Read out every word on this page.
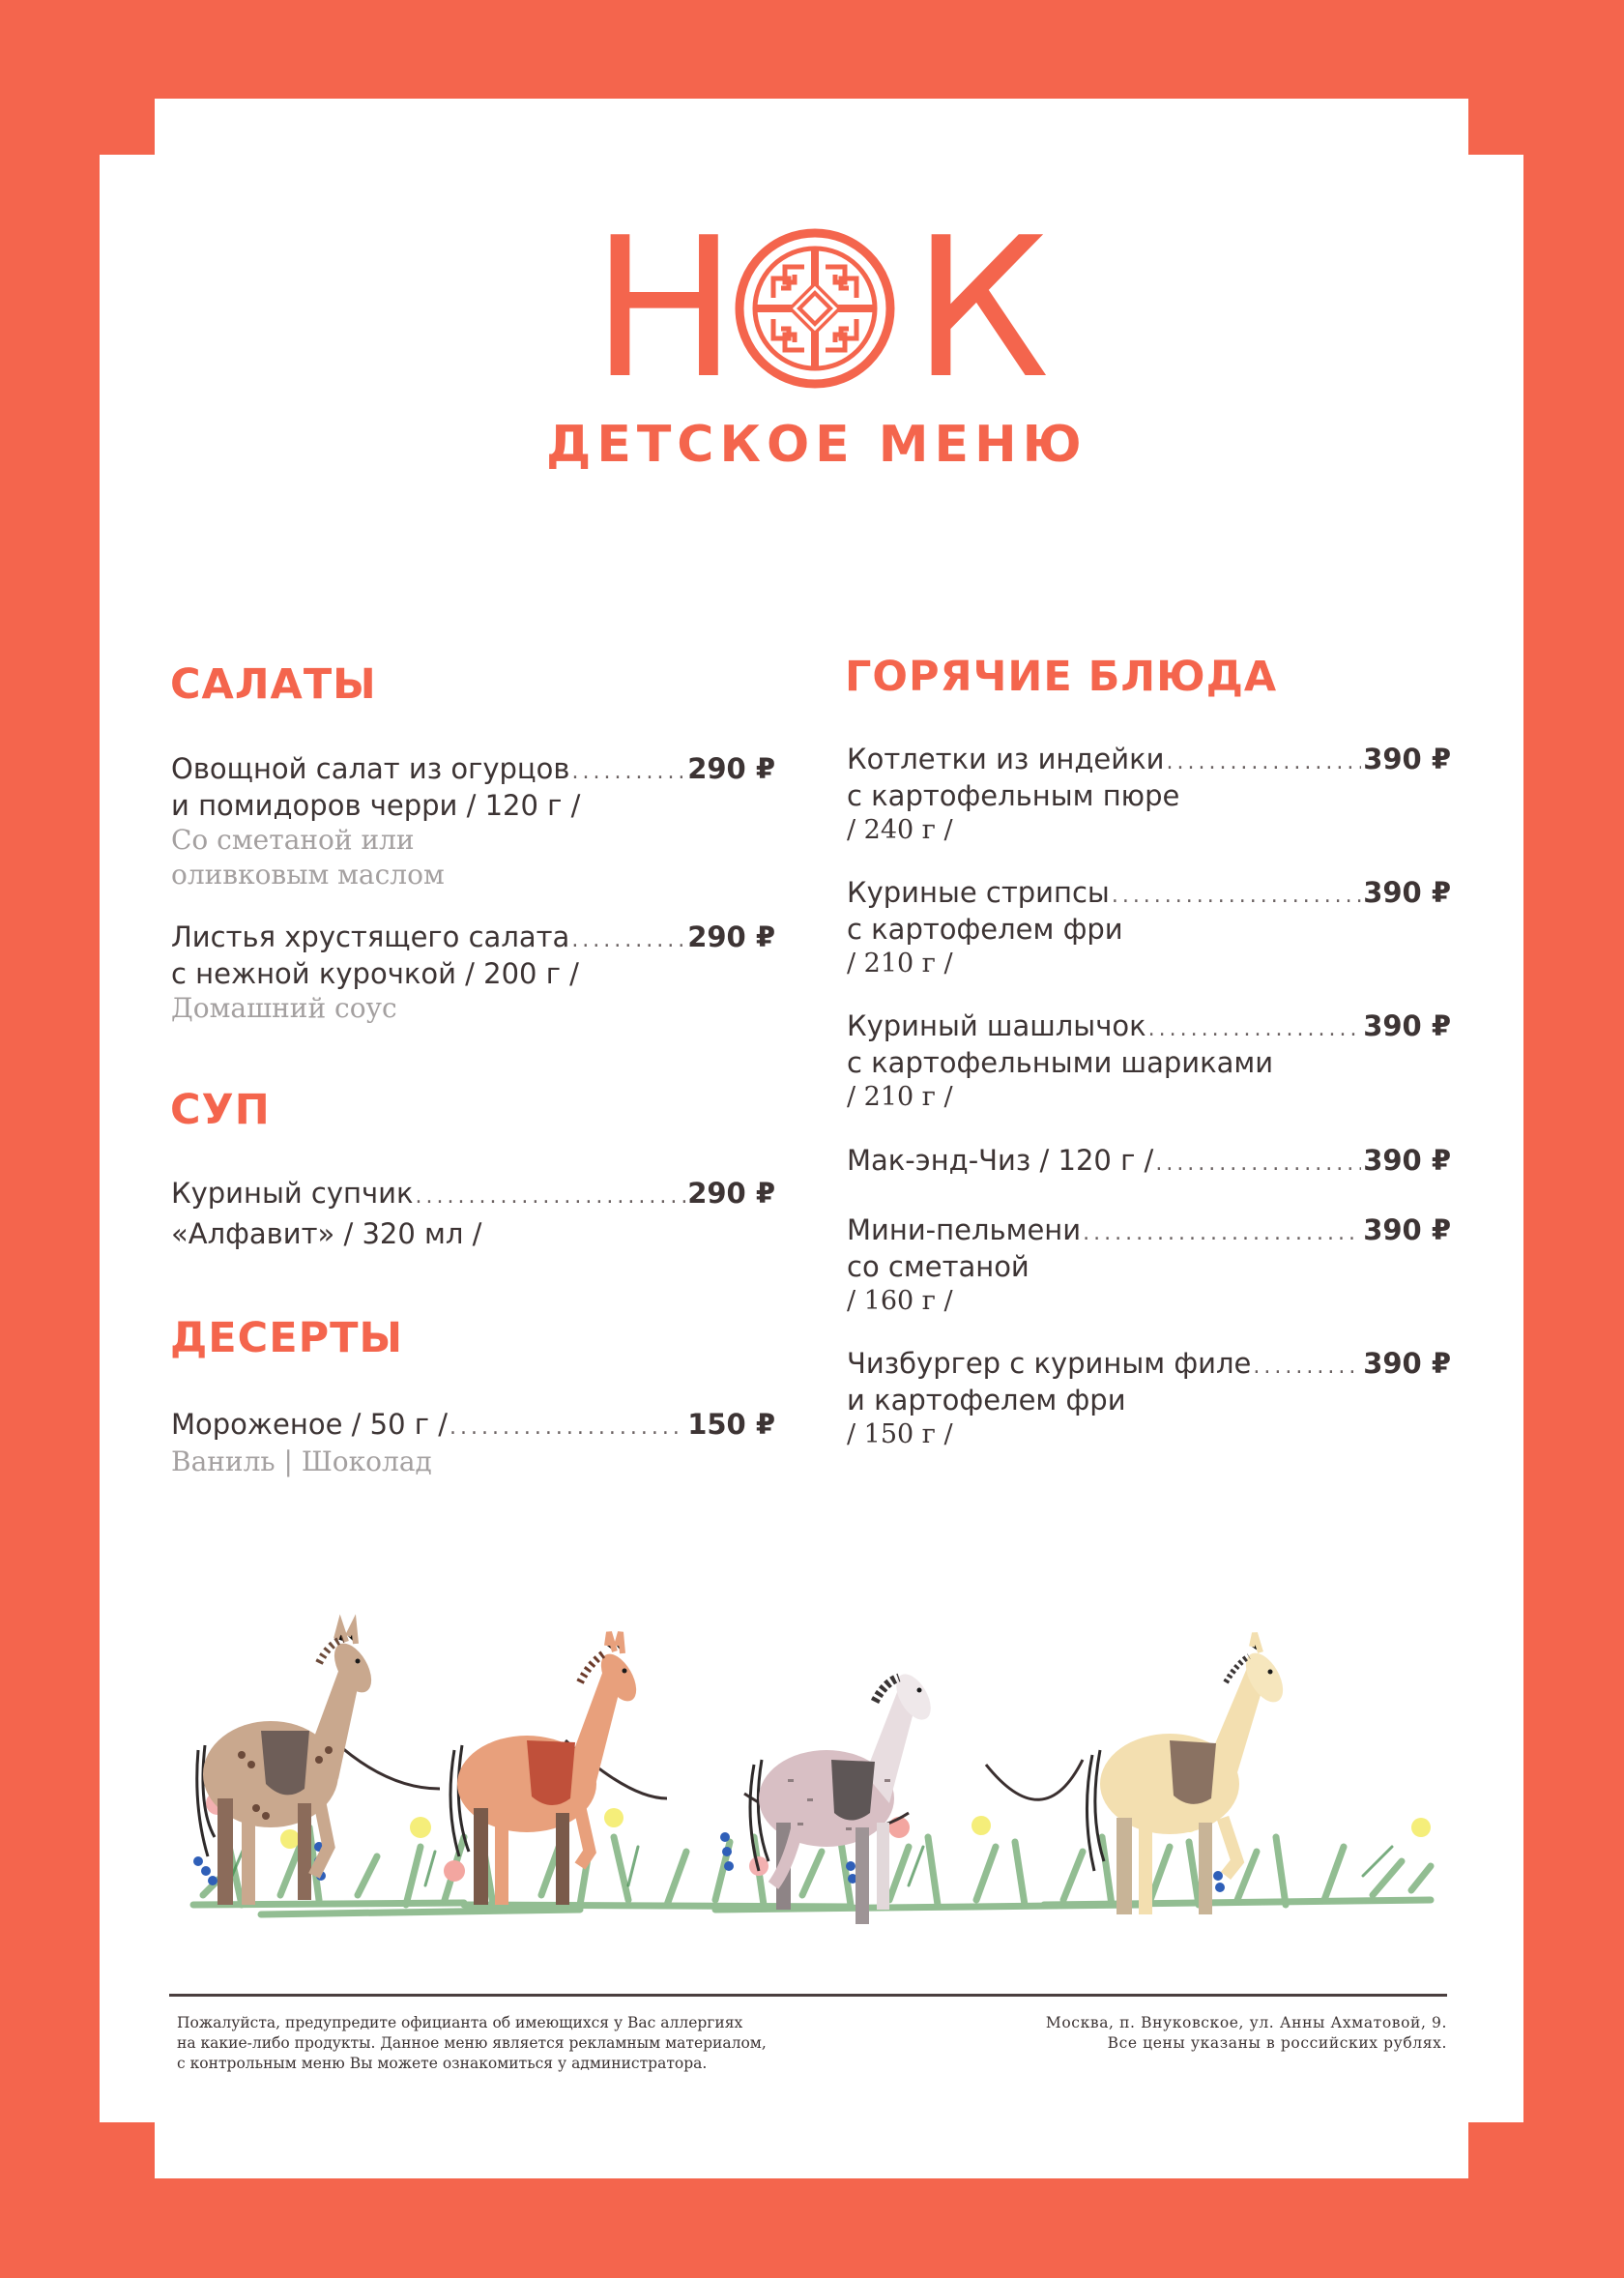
Н К
ДЕТСКОЕ МЕНЮ
САЛАТЫ
Овощной салат из огурцов .....	290 ₽
и помидоров черри / 120 г /
Со сметаной или
оливковым маслом
Листья хрустящего салата .....	290 ₽
с нежной курочкой / 200 г /
Домашний соус
СУП
Куриный супчик .....	290 ₽
«Алфавит» / 320 мл /
ДЕСЕРТЫ
Мороженое / 50 г / .....	150 ₽
Ваниль | Шоколад
ГОРЯЧИЕ БЛЮДА
Котлетки из индейки .....	390 ₽
с картофельным пюре
/ 240 г /
Куриные стрипсы .....	390 ₽
с картофелем фри
/ 210 г /
Куриный шашлычок .....	390 ₽
с картофельными шариками
/ 210 г /
Мак-энд-Чиз / 120 г / .....	390 ₽
Мини-пельмени .....	390 ₽
со сметаной
/ 160 г /
Чизбургер с куриным филе .....	390 ₽
и картофелем фри
/ 150 г /
Пожалуйста, предупредите официанта об имеющихся у Вас аллергиях
на какие-либо продукты. Данное меню является рекламным материалом,
с контрольным меню Вы можете ознакомиться у администратора.
Москва, п. Внуковское, ул. Анны Ахматовой, 9.
Все цены указаны в российских рублях.
